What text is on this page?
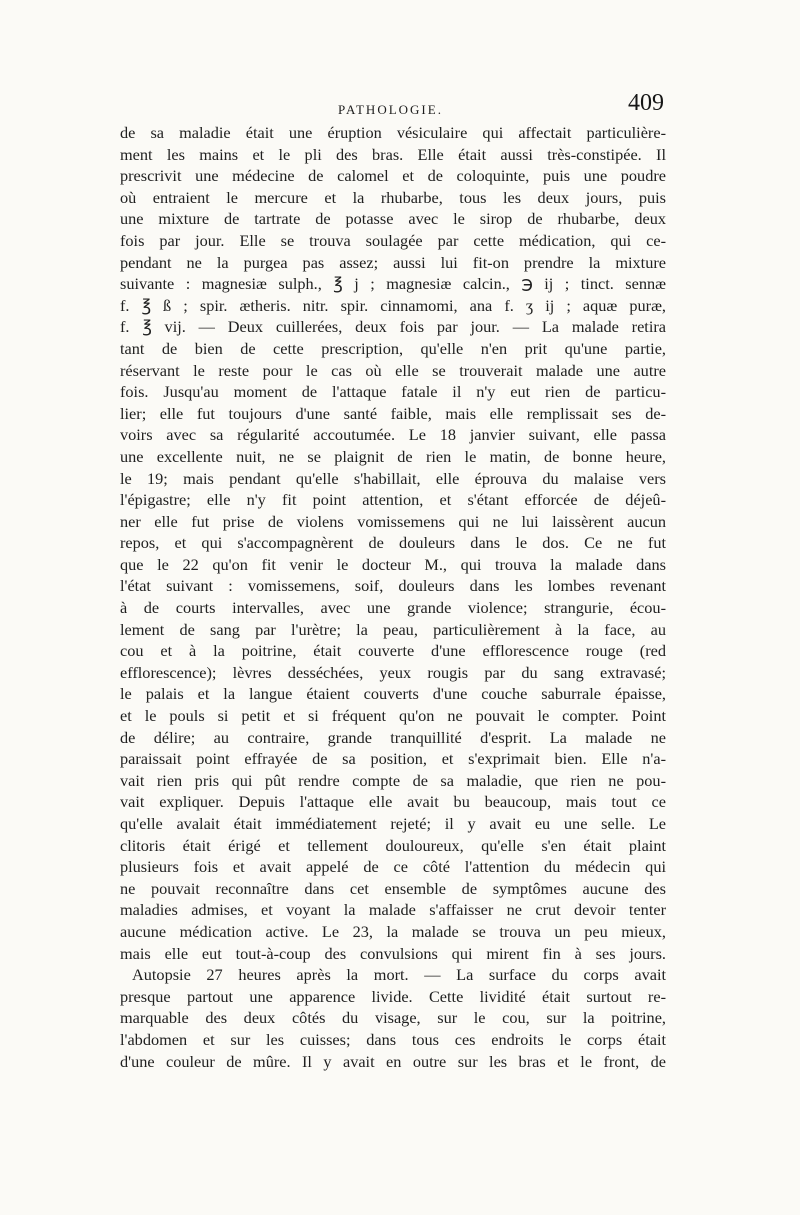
PATHOLOGIE.	409
de sa maladie était une éruption vésiculaire qui affectait particulière-
ment les mains et le pli des bras. Elle était aussi très-constipée. Il
prescrivit une médecine de calomel et de coloquinte, puis une poudre
où entraient le mercure et la rhubarbe, tous les deux jours, puis
une mixture de tartrate de potasse avec le sirop de rhubarbe, deux
fois par jour. Elle se trouva soulagée par cette médication, qui ce-
pendant ne la purgea pas assez; aussi lui fit-on prendre la mixture
suivante : magnesiæ sulph., ℥ j ; magnesiæ calcin., ℈ ij ; tinct. sennæ
f. ℥ ß ; spir. ætheris. nitr. spir. cinnamomi, ana f. ʒ ij ; aquæ puræ,
f. ℥ vij. — Deux cuillerées, deux fois par jour. — La malade retira
tant de bien de cette prescription, qu'elle n'en prit qu'une partie,
réservant le reste pour le cas où elle se trouverait malade une autre
fois. Jusqu'au moment de l'attaque fatale il n'y eut rien de particu-
lier; elle fut toujours d'une santé faible, mais elle remplissait ses de-
voirs avec sa régularité accoutumée. Le 18 janvier suivant, elle passa
une excellente nuit, ne se plaignit de rien le matin, de bonne heure,
le 19; mais pendant qu'elle s'habillait, elle éprouva du malaise vers
l'épigastre; elle n'y fit point attention, et s'étant efforcée de déjeû-
ner elle fut prise de violens vomissemens qui ne lui laissèrent aucun
repos, et qui s'accompagnèrent de douleurs dans le dos. Ce ne fut
que le 22 qu'on fit venir le docteur M., qui trouva la malade dans
l'état suivant : vomissemens, soif, douleurs dans les lombes revenant
à de courts intervalles, avec une grande violence; strangurie, écou-
lement de sang par l'urètre; la peau, particulièrement à la face, au
cou et à la poitrine, était couverte d'une efflorescence rouge (red
efflorescence); lèvres desséchées, yeux rougis par du sang extravasé;
le palais et la langue étaient couverts d'une couche saburrale épaisse,
et le pouls si petit et si fréquent qu'on ne pouvait le compter. Point
de délire; au contraire, grande tranquillité d'esprit. La malade ne
paraissait point effrayée de sa position, et s'exprimait bien. Elle n'a-
vait rien pris qui pût rendre compte de sa maladie, que rien ne pou-
vait expliquer. Depuis l'attaque elle avait bu beaucoup, mais tout ce
qu'elle avalait était immédiatement rejeté; il y avait eu une selle. Le
clitoris était érigé et tellement douloureux, qu'elle s'en était plaint
plusieurs fois et avait appelé de ce côté l'attention du médecin qui
ne pouvait reconnaître dans cet ensemble de symptômes aucune des
maladies admises, et voyant la malade s'affaisser ne crut devoir tenter
aucune médication active. Le 23, la malade se trouva un peu mieux,
mais elle eut tout-à-coup des convulsions qui mirent fin à ses jours.
Autopsie 27 heures après la mort. — La surface du corps avait
presque partout une apparence livide. Cette lividité était surtout re-
marquable des deux côtés du visage, sur le cou, sur la poitrine,
l'abdomen et sur les cuisses; dans tous ces endroits le corps était
d'une couleur de mûre. Il y avait en outre sur les bras et le front, de
